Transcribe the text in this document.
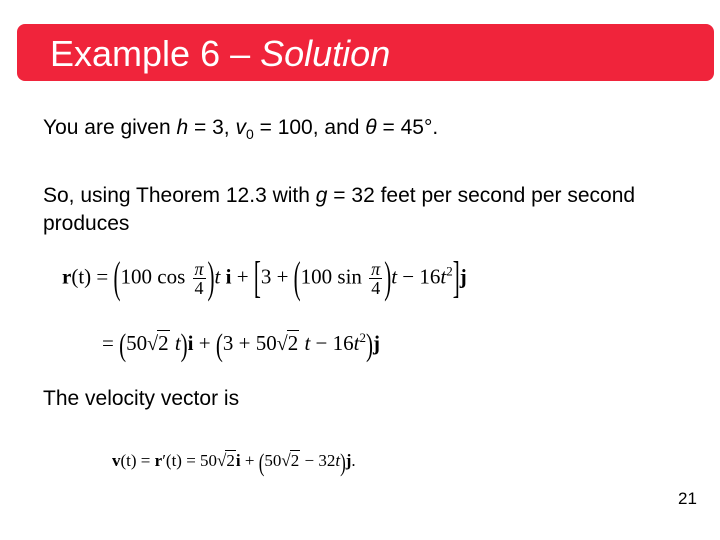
Example 6 – Solution
You are given h = 3, $v_0 = 100$, and θ = 45°.
So, using Theorem 12.3 with g = 32 feet per second per second produces
r(t) = (100 $\cos \frac{\pi}{4} )t$ i + [3 + (100 $\sin \frac{\pi}{4} )t - 16t^2]j$
= (50√2 t)i + (3 + 50√2 $t - 16t^2)j$
The velocity vector is
v(t) = r′(t) = 50√2i + (50√2 − 32t)j.
21
